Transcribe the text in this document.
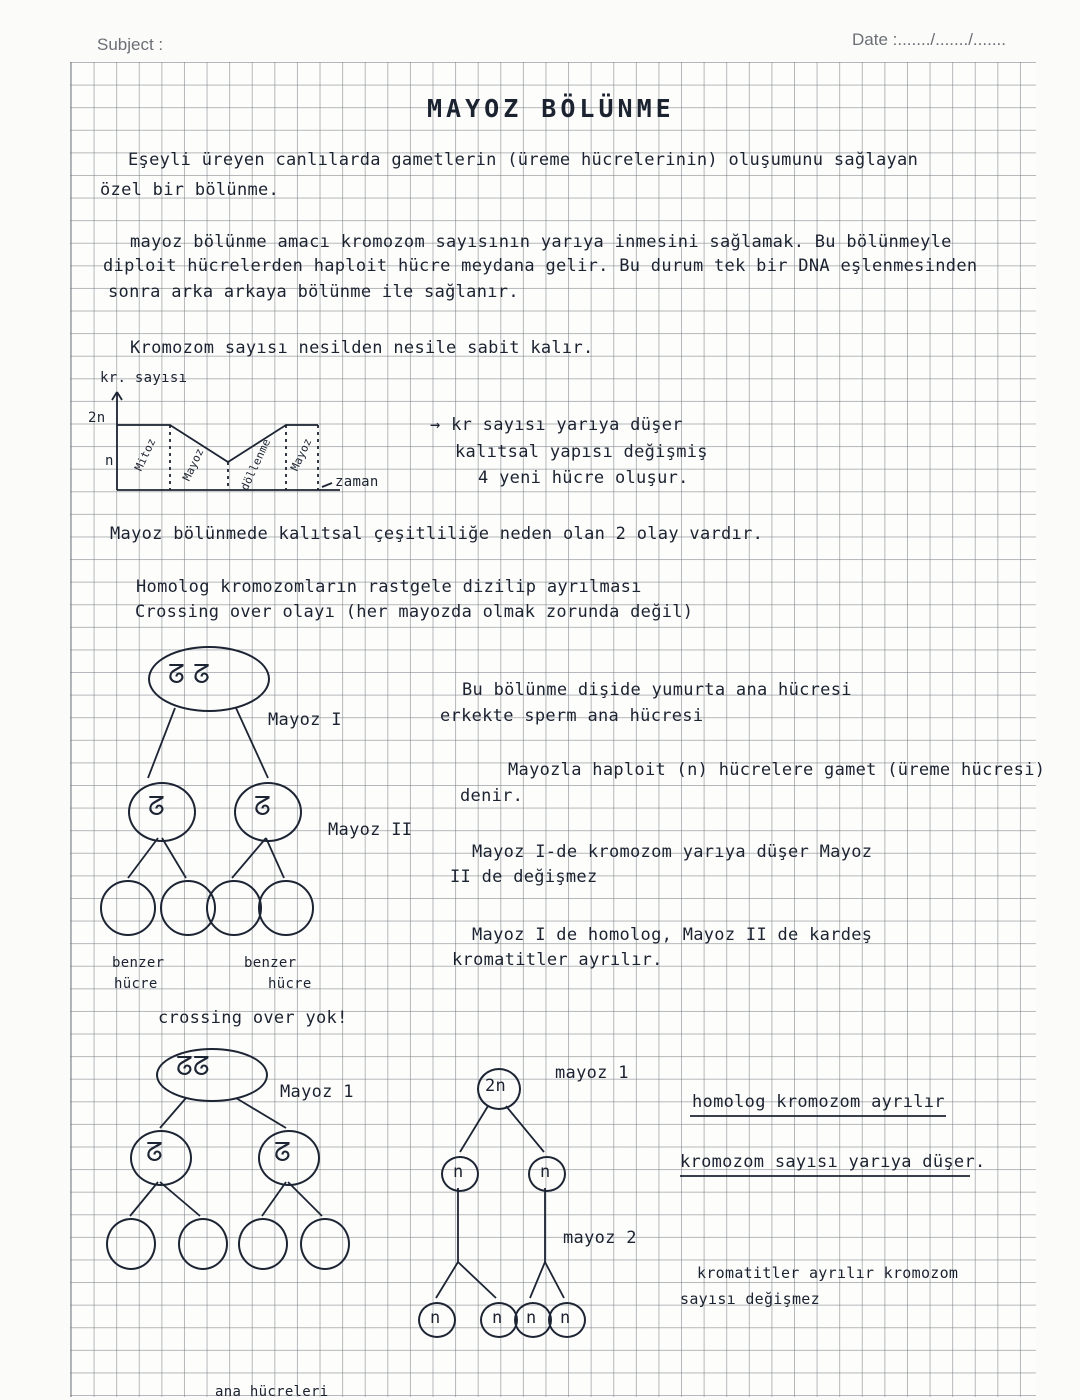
Subject :	Date :......./......./.......
MAYOZ BÖLÜNME
Eşeyli üreyen canlılarda gametlerin (üreme hücrelerinin) oluşumunu sağlayan
özel bir bölünme.
mayoz bölünme amacı kromozom sayısının yarıya inmesini sağlamak. Bu bölünmeyle
diploit hücrelerden haploit hücre meydana gelir. Bu durum tek bir DNA eşlenmesinden
sonra arka arkaya bölünme ile sağlanır.
Kromozom sayısı nesilden nesile sabit kalır.
kr. sayısı
2n
n Mitoz Mayoz	döllenme Mayoz
zaman
→ kr sayısı yarıya düşer
kalıtsal yapısı değişmiş
4 yeni hücre oluşur.
Mayoz bölünmede kalıtsal çeşitliliğe neden olan 2 olay vardır.
Homolog kromozomların rastgele dizilip ayrılması
Crossing over olayı (her mayozda olmak zorunda değil)
ᘔ ᘔ
Mayoz I
ᘔ	ᘔ
Mayoz II
benzer
hücre
benzer
hücre
crossing over yok!
Bu bölünme dişide yumurta ana hücresi
erkekte sperm ana hücresi
Mayozla haploit (n) hücrelere gamet (üreme hücresi)
denir.
Mayoz I-de kromozom yarıya düşer Mayoz
II de değişmez
Mayoz I de homolog, Mayoz II de kardeş
kromatitler ayrılır.
ᘔᘔ
Mayoz 1
ᘔ	ᘔ
2n
mayoz 1
n	n
mayoz 2
n	n n n
homolog kromozom ayrılır
kromozom sayısı yarıya düşer.
kromatitler ayrılır kromozom
sayısı değişmez
ana hücreleri
